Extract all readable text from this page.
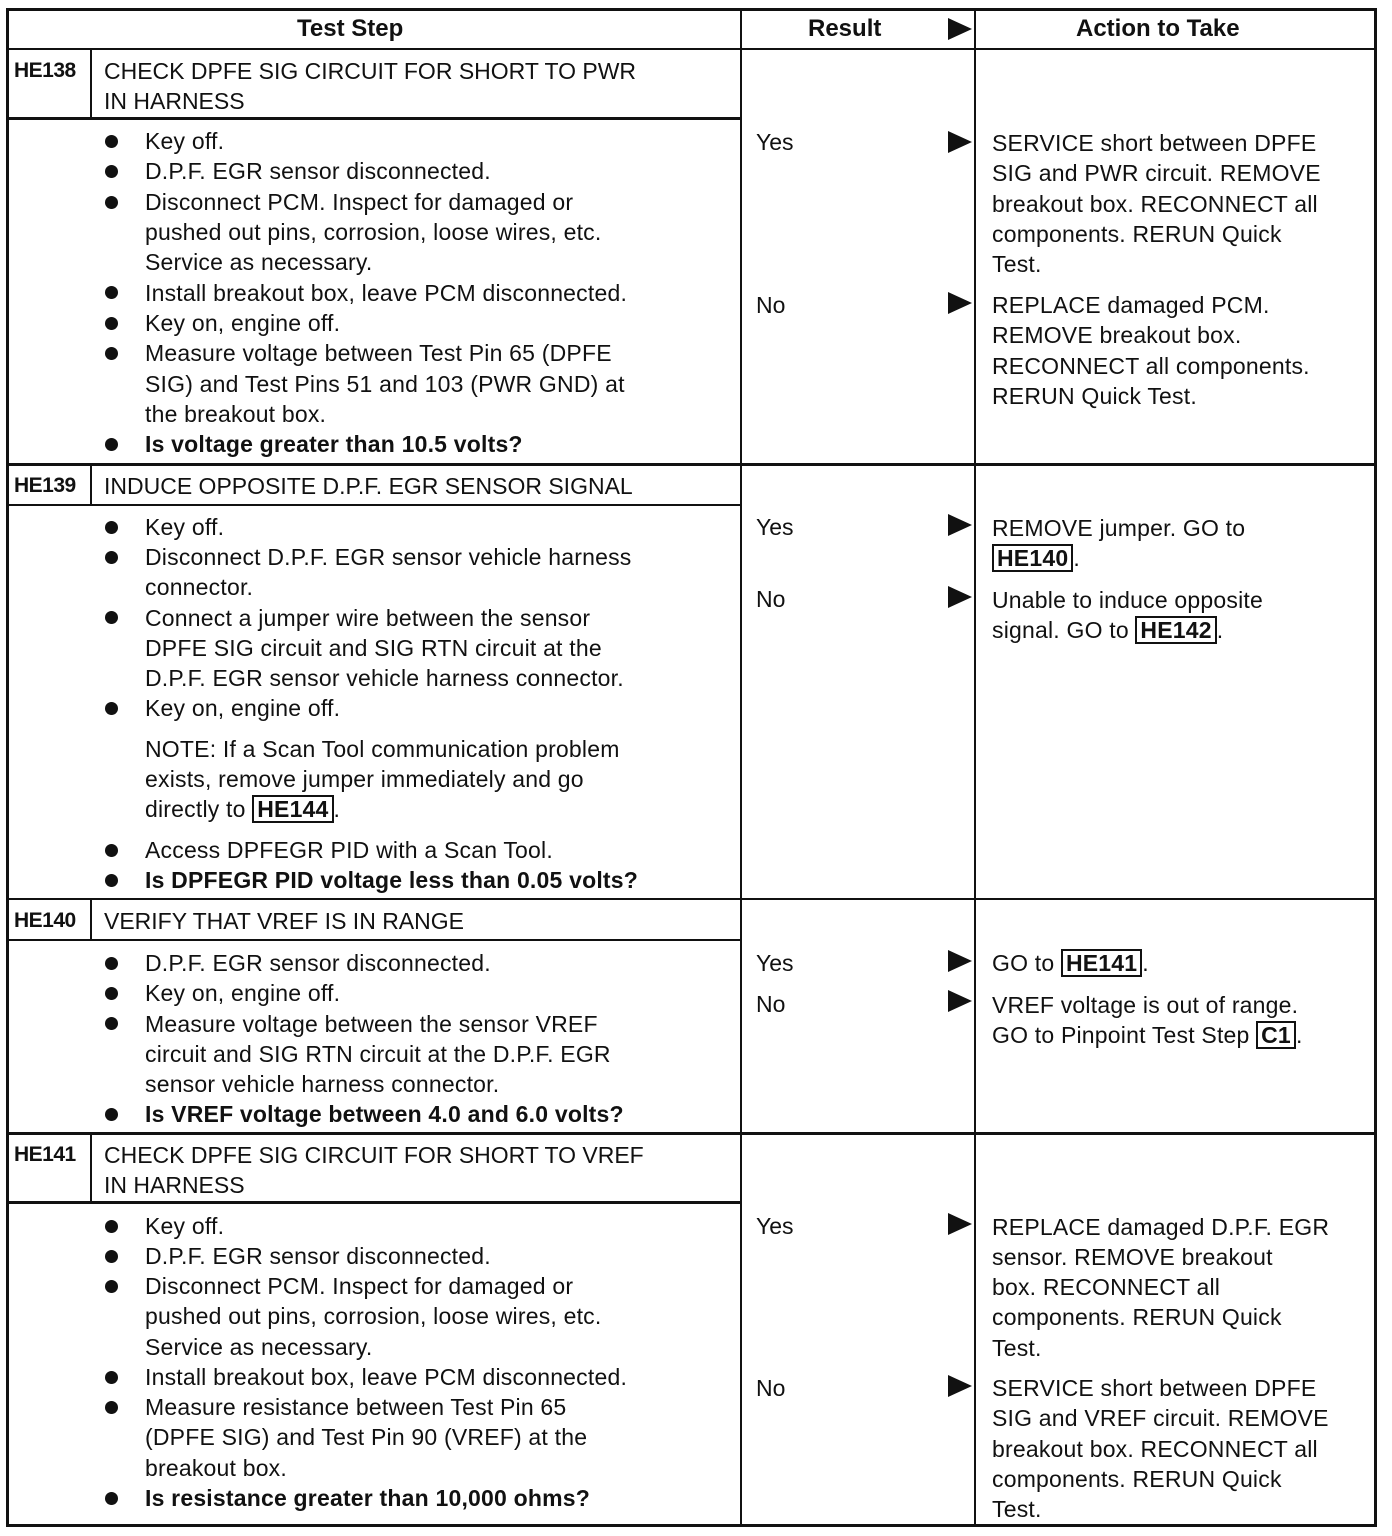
Test Step	Result	Action to Take
HE138 CHECK DPFE SIG CIRCUIT FOR SHORT TO PWR
IN HARNESS
Key off.
D.P.F. EGR sensor disconnected.
Disconnect PCM. Inspect for damaged or
pushed out pins, corrosion, loose wires, etc.
Service as necessary.
Install breakout box, leave PCM disconnected.
Key on, engine off.
Measure voltage between Test Pin 65 (DPFE
SIG) and Test Pins 51 and 103 (PWR GND) at
the breakout box.
Is voltage greater than 10.5 volts?
Yes	SERVICE short between DPFE
SIG and PWR circuit. REMOVE
breakout box. RECONNECT all
components. RERUN Quick
Test.
No	REPLACE damaged PCM.
REMOVE breakout box.
RECONNECT all components.
RERUN Quick Test.
HE139 INDUCE OPPOSITE D.P.F. EGR SENSOR SIGNAL
Key off.
Disconnect D.P.F. EGR sensor vehicle harness
connector.
Connect a jumper wire between the sensor
DPFE SIG circuit and SIG RTN circuit at the
D.P.F. EGR sensor vehicle harness connector.
Key on, engine off.
NOTE: If a Scan Tool communication problem
exists, remove jumper immediately and go
directly to HE144 .
Access DPFEGR PID with a Scan Tool.
Is DPFEGR PID voltage less than 0.05 volts?
Yes	REMOVE jumper. GO to
HE140 .
No	Unable to induce opposite
signal. GO to HE142 .
HE140 VERIFY THAT VREF IS IN RANGE
D.P.F. EGR sensor disconnected.
Key on, engine off.
Measure voltage between the sensor VREF
circuit and SIG RTN circuit at the D.P.F. EGR
sensor vehicle harness connector.
Is VREF voltage between 4.0 and 6.0 volts?
Yes	GO to HE141 .
No	VREF voltage is out of range.
GO to Pinpoint Test Step C1 .
HE141 CHECK DPFE SIG CIRCUIT FOR SHORT TO VREF
IN HARNESS
Key off.
D.P.F. EGR sensor disconnected.
Disconnect PCM. Inspect for damaged or
pushed out pins, corrosion, loose wires, etc.
Service as necessary.
Install breakout box, leave PCM disconnected.
Measure resistance between Test Pin 65
(DPFE SIG) and Test Pin 90 (VREF) at the
breakout box.
Is resistance greater than 10,000 ohms?
Yes	REPLACE damaged D.P.F. EGR
sensor. REMOVE breakout
box. RECONNECT all
components. RERUN Quick
Test.
No	SERVICE short between DPFE
SIG and VREF circuit. REMOVE
breakout box. RECONNECT all
components. RERUN Quick
Test.
